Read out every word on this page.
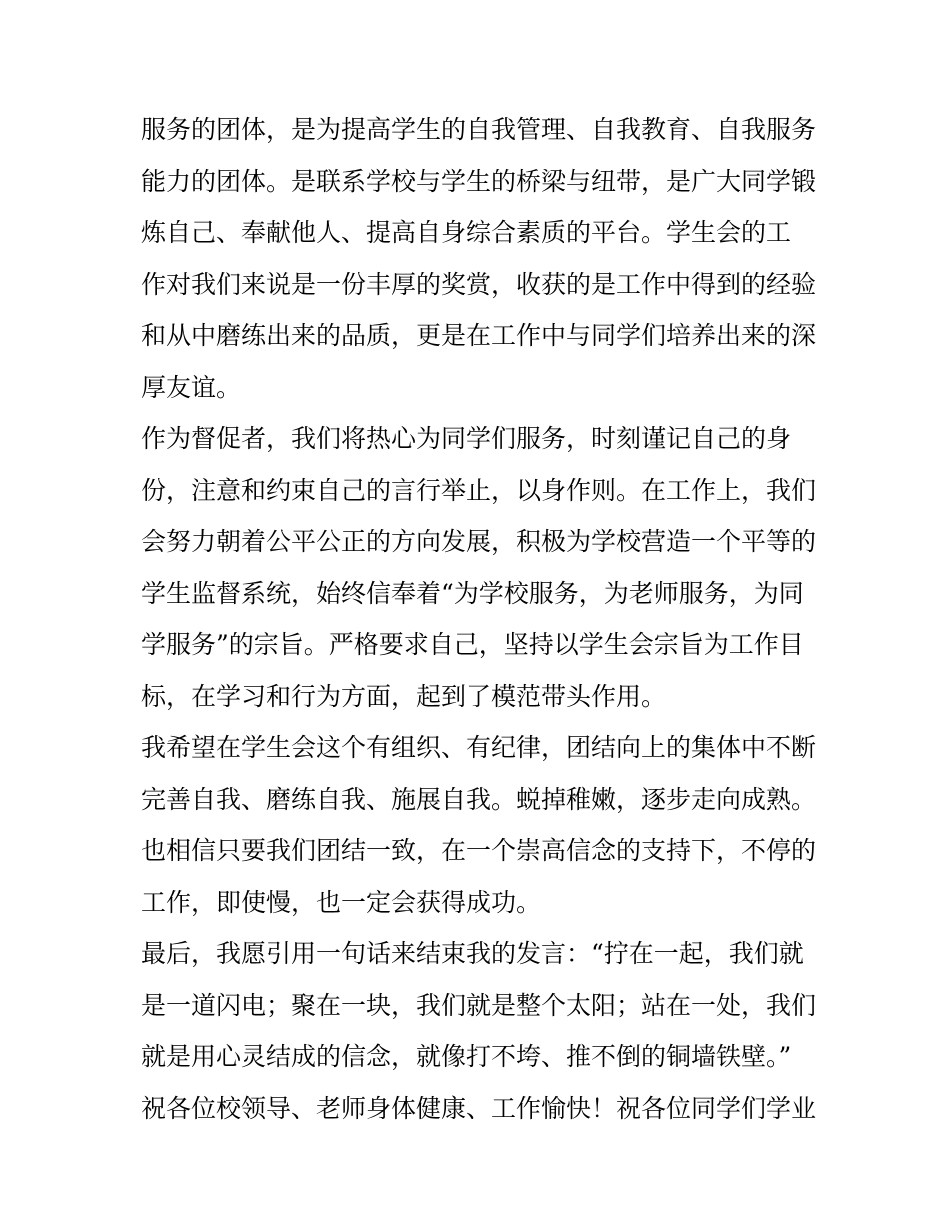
服务的团体，是为提高学生的自我管理、自我教育、自我服务
能力的团体。是联系学校与学生的桥梁与纽带，是广大同学锻
炼自己、奉献他人、提高自身综合素质的平台。学生会的工
作对我们来说是一份丰厚的奖赏，收获的是工作中得到的经验
和从中磨练出来的品质，更是在工作中与同学们培养出来的深
厚友谊。
作为督促者，我们将热心为同学们服务，时刻谨记自己的身
份，注意和约束自己的言行举止，以身作则。在工作上，我们
会努力朝着公平公正的方向发展，积极为学校营造一个平等的
学生监督系统，始终信奉着“为学校服务，为老师服务，为同
学服务”的宗旨。严格要求自己，坚持以学生会宗旨为工作目
标，在学习和行为方面，起到了模范带头作用。
我希望在学生会这个有组织、有纪律，团结向上的集体中不断
完善自我、磨练自我、施展自我。蜕掉稚嫩，逐步走向成熟。
也相信只要我们团结一致，在一个崇高信念的支持下，不停的
工作，即使慢，也一定会获得成功。
最后，我愿引用一句话来结束我的发言：“拧在一起，我们就
是一道闪电；聚在一块，我们就是整个太阳；站在一处，我们
就是用心灵结成的信念，就像打不垮、推不倒的铜墙铁壁。”
祝各位校领导、老师身体健康、工作愉快！祝各位同学们学业
